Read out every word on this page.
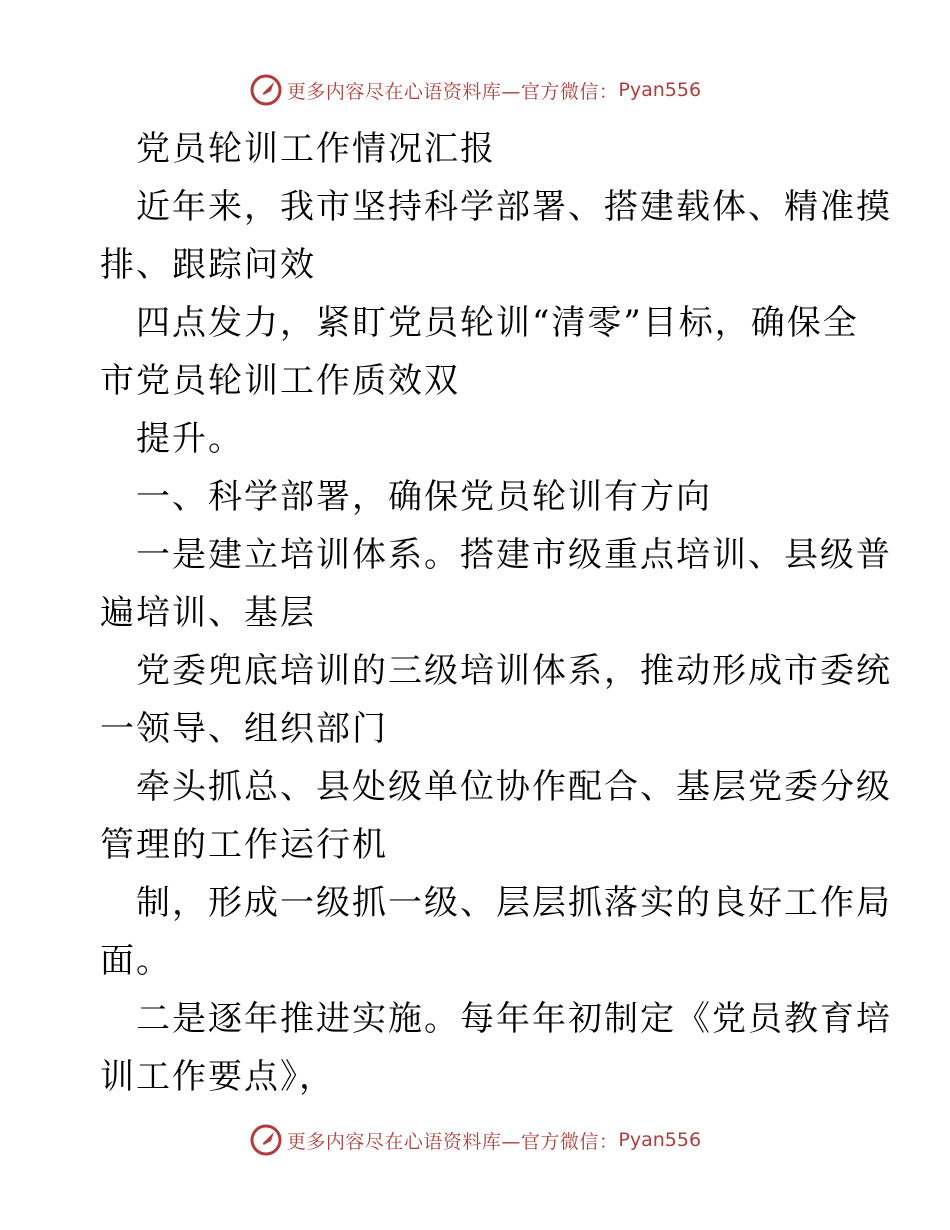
更多内容尽在心语资料库—官方微信： Pyan556
党员轮训工作情况汇报
近年来，我市坚持科学部署、搭建载体、精准摸
排、跟踪问效
四点发力，紧盯党员轮训“清零”目标，确保全
市党员轮训工作质效双
提升。
一、科学部署，确保党员轮训有方向
一是建立培训体系。搭建市级重点培训、县级普
遍培训、基层
党委兜底培训的三级培训体系，推动形成市委统
一领导、组织部门
牵头抓总、县处级单位协作配合、基层党委分级
管理的工作运行机
制，形成一级抓一级、层层抓落实的良好工作局
面。
二是逐年推进实施。每年年初制定《党员教育培
训工作要点》，
更多内容尽在心语资料库—官方微信： Pyan556
